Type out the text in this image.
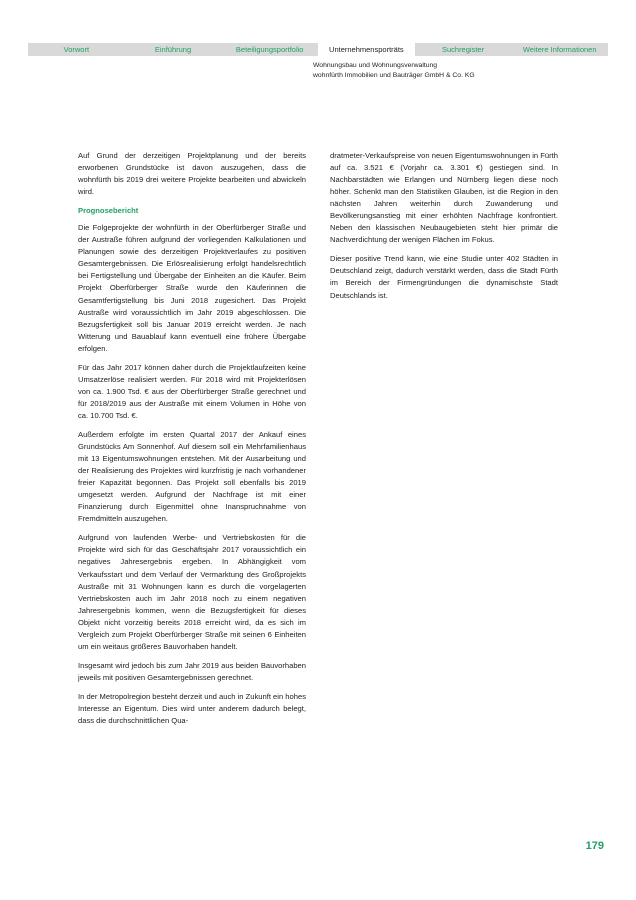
Vorwort	Einführung	Beteiligungsportfolio	Unternehmensporträts	Suchregister	Weitere Informationen
Wohnungsbau und Wohnungsverwaltung
wohnfürth Immobilien und Bauträger GmbH & Co. KG

Auf Grund der derzeitigen Projektplanung und der bereits erworbenen Grundstücke ist davon auszugehen, dass die wohnfürth bis 2019 drei weitere Projekte bearbeiten und abwickeln wird.

Prognosebericht

Die Folgeprojekte der wohnfürth in der Oberfürberger Straße und der Austraße führen aufgrund der vorliegenden Kalkulationen und Planungen sowie des derzeitigen Projektverlaufes zu positiven Gesamtergebnissen. Die Erlösrealisierung erfolgt handelsrechtlich bei Fertigstellung und Übergabe der Einheiten an die Käufer. Beim Projekt Oberfürberger Straße wurde den Käuferinnen die Gesamtfertigstellung bis Juni 2018 zugesichert. Das Projekt Austraße wird voraussichtlich im Jahr 2019 abgeschlossen. Die Bezugsfertigkeit soll bis Januar 2019 erreicht werden. Je nach Witterung und Bauablauf kann eventuell eine frühere Übergabe erfolgen.

Für das Jahr 2017 können daher durch die Projektlaufzeiten keine Umsatzerlöse realisiert werden. Für 2018 wird mit Projekterlösen von ca. 1.900 Tsd. € aus der Oberfürberger Straße gerechnet und für 2018/2019 aus der Austraße mit einem Volumen in Höhe von ca. 10.700 Tsd. €.

Außerdem erfolgte im ersten Quartal 2017 der Ankauf eines Grundstücks Am Sonnenhof. Auf diesem soll ein Mehrfamilienhaus mit 13 Eigentumswohnungen entstehen. Mit der Ausarbeitung und der Realisierung des Projektes wird kurzfristig je nach vorhandener freier Kapazität begonnen. Das Projekt soll ebenfalls bis 2019 umgesetzt werden. Aufgrund der Nachfrage ist mit einer Finanzierung durch Eigenmittel ohne Inanspruchnahme von Fremdmitteln auszugehen.

Aufgrund von laufenden Werbe- und Vertriebskosten für die Projekte wird sich für das Geschäftsjahr 2017 voraussichtlich ein negatives Jahresergebnis ergeben. In Abhängigkeit vom Verkaufsstart und dem Verlauf der Vermarktung des Großprojekts Austraße mit 31 Wohnungen kann es durch die vorgelagerten Vertriebskosten auch im Jahr 2018 noch zu einem negativen Jahresergebnis kommen, wenn die Bezugsfertigkeit für dieses Objekt nicht vorzeitig bereits 2018 erreicht wird, da es sich im Vergleich zum Projekt Oberfürberger Straße mit seinen 6 Einheiten um ein weitaus größeres Bauvorhaben handelt.

Insgesamt wird jedoch bis zum Jahr 2019 aus beiden Bauvorhaben jeweils mit positiven Gesamtergebnissen gerechnet.

In der Metropolregion besteht derzeit und auch in Zukunft ein hohes Interesse an Eigentum. Dies wird unter anderem dadurch belegt, dass die durchschnittlichen Qua-

dratmeter-Verkaufspreise von neuen Eigentumswohnungen in Fürth auf ca. 3.521 € (Vorjahr ca. 3.301 €) gestiegen sind. In Nachbarstädten wie Erlangen und Nürnberg liegen diese noch höher. Schenkt man den Statistiken Glauben, ist die Region in den nächsten Jahren weiterhin durch Zuwanderung und Bevölkerungsanstieg mit einer erhöhten Nachfrage konfrontiert. Neben den klassischen Neubaugebieten steht hier primär die Nachverdichtung der wenigen Flächen im Fokus.

Dieser positive Trend kann, wie eine Studie unter 402 Städten in Deutschland zeigt, dadurch verstärkt werden, dass die Stadt Fürth im Bereich der Firmengründungen die dynamischste Stadt Deutschlands ist.

179
